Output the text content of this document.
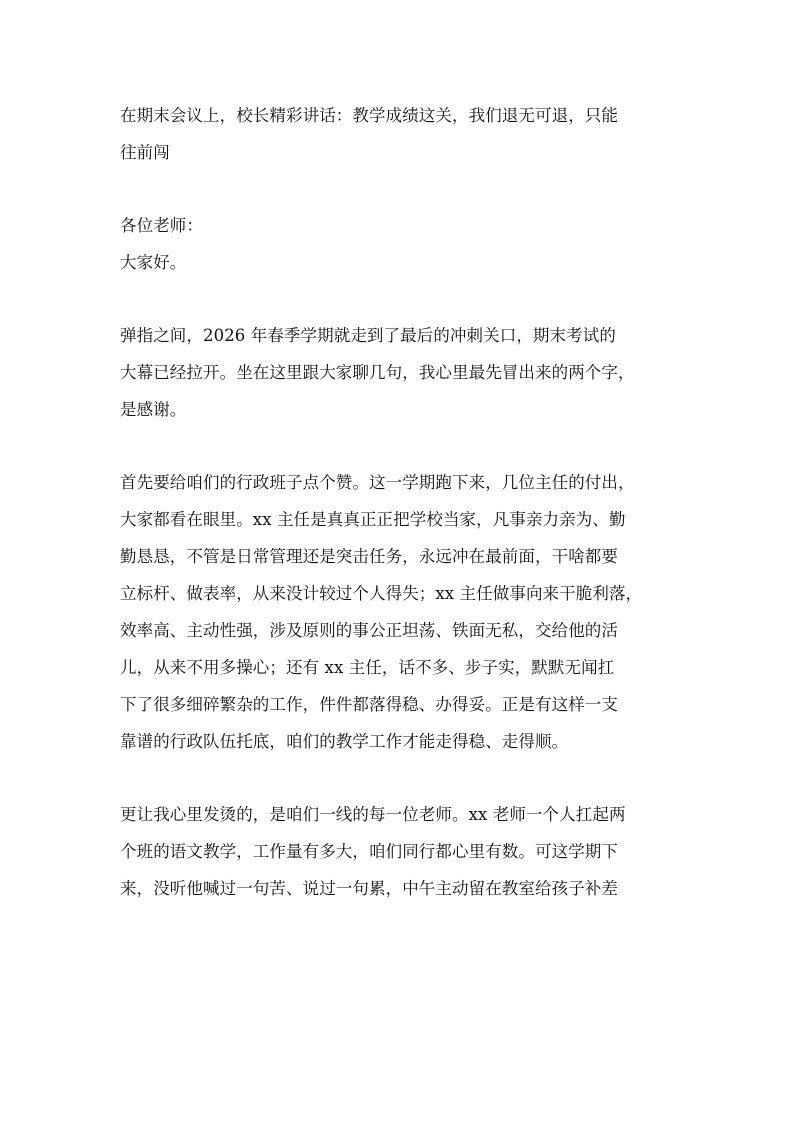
在期末会议上，校长精彩讲话：教学成绩这关，我们退无可退，只能
往前闯
各位老师：
大家好。
弹指之间，2026 年春季学期就走到了最后的冲刺关口，期末考试的
大幕已经拉开。坐在这里跟大家聊几句，我心里最先冒出来的两个字，
是感谢。
首先要给咱们的行政班子点个赞。这一学期跑下来，几位主任的付出，
大家都看在眼里。xx 主任是真真正正把学校当家，凡事亲力亲为、勤
勤恳恳，不管是日常管理还是突击任务，永远冲在最前面，干啥都要
立标杆、做表率，从来没计较过个人得失；xx 主任做事向来干脆利落，
效率高、主动性强，涉及原则的事公正坦荡、铁面无私，交给他的活
儿，从来不用多操心；还有 xx 主任，话不多、步子实，默默无闻扛
下了很多细碎繁杂的工作，件件都落得稳、办得妥。正是有这样一支
靠谱的行政队伍托底，咱们的教学工作才能走得稳、走得顺。
更让我心里发烫的，是咱们一线的每一位老师。xx 老师一个人扛起两
个班的语文教学，工作量有多大，咱们同行都心里有数。可这学期下
来，没听他喊过一句苦、说过一句累，中午主动留在教室给孩子补差
